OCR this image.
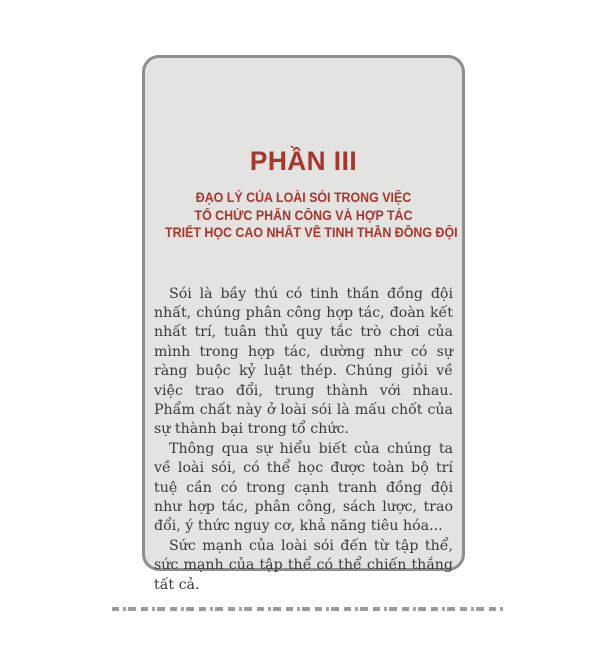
PHẦN III
ĐẠO LÝ CỦA LOÀI SÓI TRONG VIỆC
TỔ CHỨC PHÂN CÔNG VÀ HỢP TÁC
TRIẾT HỌC CAO NHẤT VỀ TINH THẦN ĐỒNG ĐỘI

Sói là bầy thú có tinh thần đồng đội nhất, chúng phân công hợp tác, đoàn kết nhất trí, tuân thủ quy tắc trò chơi của mình trong hợp tác, dường như có sự ràng buộc kỷ luật thép. Chúng giỏi về việc trao đổi, trung thành với nhau. Phẩm chất này ở loài sói là mấu chốt của sự thành bại trong tổ chức.

Thông qua sự hiểu biết của chúng ta về loài sói, có thể học được toàn bộ trí tuệ cần có trong cạnh tranh đồng đội như hợp tác, phân công, sách lược, trao đổi, ý thức nguy cơ, khả năng tiêu hóa...

Sức mạnh của loài sói đến từ tập thể, sức mạnh của tập thể có thể chiến thắng tất cả.
